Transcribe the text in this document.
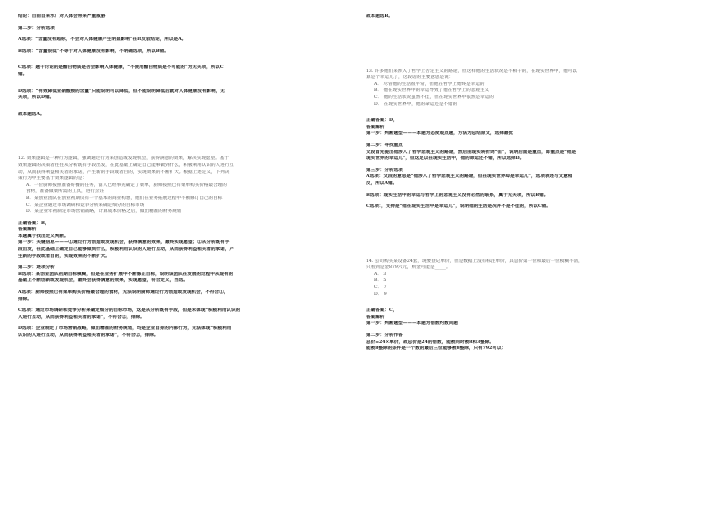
结论：目前自来水厂对人体会带来严重威胁
第二步：分析选项
A选项：“含量没有超标，不会对人体健康产生明显影响”在It反驳结论，所以是A。
B选项：“含量很低”不等于对人体健康没有影响，不明确选项，所以B错。
C选项：题干讨论的是醋白物质是否会影响人体健康，“不使用醋白物质是不可能的”为无关项，所以C
错。
D选项：“有效降低亚硝酸胺的含量”只能说明可以降低，但不能说明降低后就对人体健康没有影响，无
关项，所以D错。
故本题选A。
12. 效果逻辑是一种行为逻辑，强调通过行为来创造或发现机会，获得满意的效果，解决实现愿望。基于
效果逻辑的决策者往往从分析既有手段出发，在此基础上确定自己能够做到什么，积极利用认识的人进行互
动，从而获得利益相关者的承诺，产生新的手段或者目的，实现效果的不断扩大。根据上述定义，下列决
策行为中主要基于效果逻辑的是：
A．一位厨师按照准备好餐的任务，富人已经事先确定了菜单，厨师按照已有菜单购买价格最合理的
食材，准备做菜所需的工具，进行烹饪
B．某创业团队在创业初期仅有一个基本的商业构想，他们在业务拓展过程中不断修订自己的目标
C．某企业通过市场调研和竞争分析来确定细分的目标市场
D．某企业年初制定市场营销战略，计算成本价格之后，做出精准的财务规划
正确答案：B，
答案解析
本题属于找出定义判断。
第一步：关键信息———①通过行为创造或发现机会，获得满意的效果，最终实现愿望；②从分析既有手
段出发，在此基础上确定自己能够做到什么，积极利用认识的人进行互动，从而获得利益相关者的承诺，产
生新的手段或者目的，实现效果的不断扩大。
第二步：逐项分析
B选项：某创业团队初期目标模糊，但是在业务扩展中不断修正目标，说明该团队在发展的过程中从现有的
基础上不断创新或发现机会，最终会获得满意的效果，实现愿望，符合定义，当选。
A选项：厨师按照已有菜单购买价格最合理的食材，无法说明厨师通过行为创造或发现机会，不符合①，
排除。
C选项：通过市场调研和竞争分析来确定细分的目标市场，这是从分析既有手段，但是未体现“积极利用认识的
人进行互动，从而获得利益相关者的承诺”，不符合②，排除。
D选项：企业制定了市场营销战略，做出精准的财务规划，均是企业自身的内部行为，无法体现“积极利用
认识的人进行互动，从而获得利益相关者的承诺”，不符合②，排除。
故本题选B。
13. 许多他们来涉入了哲学上否定主义的路途，但这样他的生活状况是不相干的，在现实世界中，他可以
算是个幸运儿了，这段话的主要意思是说：
A． 尽管他的生活很平常，但他在哲学上始终是幸运的
B． 他在现实世界中的幸运导致了他在哲学上的悲观主义
C． 他的生活状况虽然不佳，但在现实世界中依然是幸运的
D． 在现实世界中，他的命运还是不错的
正确答案：D，
答案解析
第一步：判断题型———本题为态度观点题，方法为总结原文，选择最优
第二步：寻找重点
文段首先提出他涉入了哲学悲观主义的路途，然后由现实转折词“但”，说明后面是重点，即重点是“他是
现实世界的幸运儿”，但这足以在现实生活中，他的命运还不错，所以选择D。
第三步：分析选项
A选项：文段的意思是“他涉入了哲学悲观主义的路途，但在现实世界却是幸运儿”，选项表述与文意相
反，所以A错。
B选项：现实生活中的幸运与哲学上的悲观主义没有必然的联系，属于无关项，所以B错。
C选项：，支持是“他在现实生活中是幸运儿”，说明他的生活是况并不是不佳的，所以C错。
14. 公司购买某设备24套，现要登记单价，但是数据上没有标注单价，其总价第一位和最后一位模糊不清，
只看到是金879六元，则金可能是_____。
A． 3
B． 5
C． 7
D． 9
正确答案：C，
答案解析
第一步：判断题型———本题为倍数约数问题
第二步：分析作答
总价=24×单价，故总价是24的倍数，能被同时被8和3整除。
能被8整除的条件是一个数的最后三位能够被8整除，只有792可以：
